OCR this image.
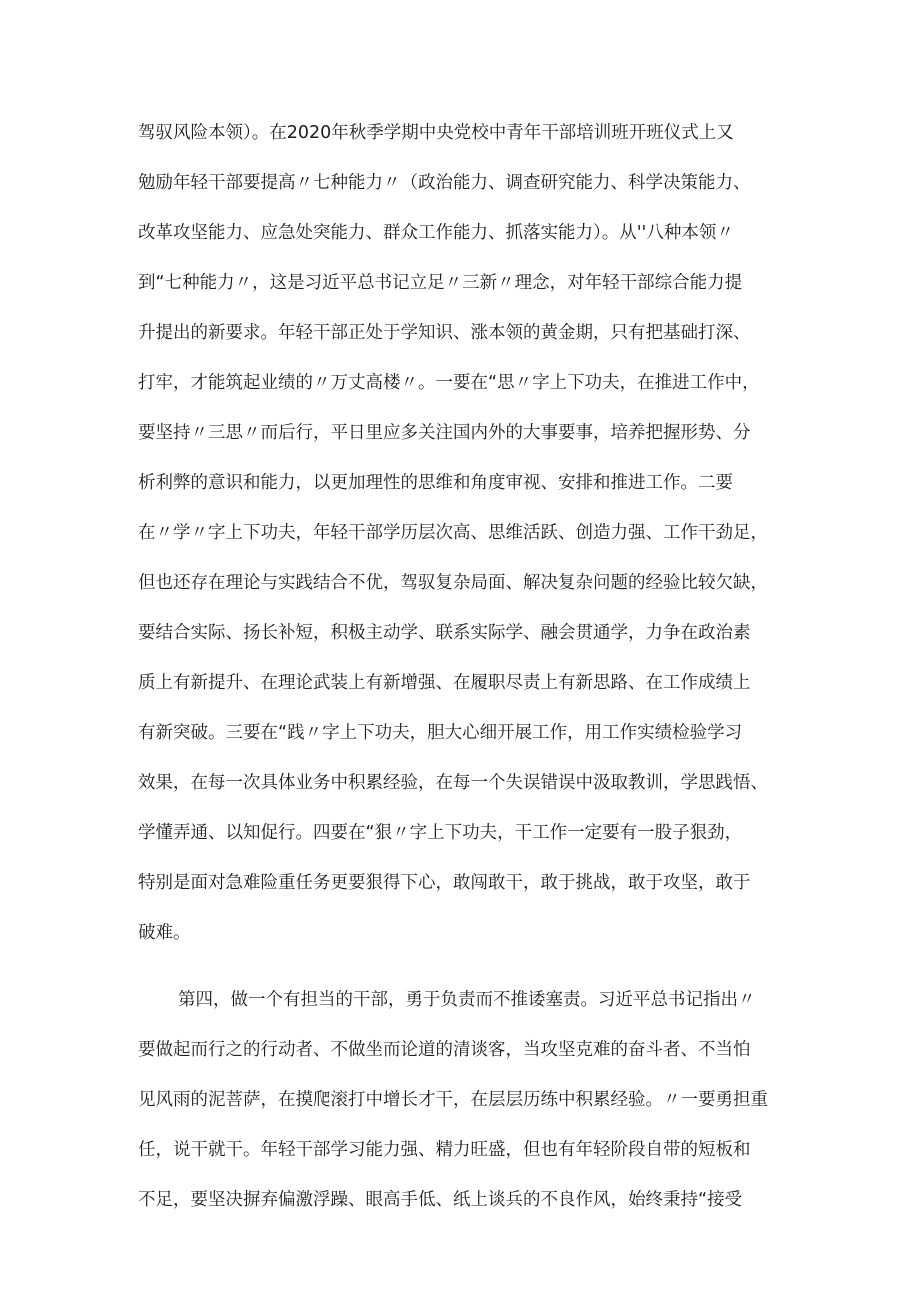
驾驭风险本领）。在2020年秋季学期中央党校中青年干部培训班开班仪式上又
勉励年轻干部要提高〃七种能力〃（政治能力、调查研究能力、科学决策能力、
改革攻坚能力、应急处突能力、群众工作能力、抓落实能力）。从''八种本领〃
到“七种能力〃，这是习近平总书记立足〃三新〃理念，对年轻干部综合能力提
升提出的新要求。年轻干部正处于学知识、涨本领的黄金期，只有把基础打深、
打牢，才能筑起业绩的〃万丈高楼〃。一要在“思〃字上下功夫，在推进工作中，
要坚持〃三思〃而后行，平日里应多关注国内外的大事要事，培养把握形势、分
析利弊的意识和能力，以更加理性的思维和角度审视、安排和推进工作。二要
在〃学〃字上下功夫，年轻干部学历层次高、思维活跃、创造力强、工作干劲足，
但也还存在理论与实践结合不优，驾驭复杂局面、解决复杂问题的经验比较欠缺，
要结合实际、扬长补短，积极主动学、联系实际学、融会贯通学，力争在政治素
质上有新提升、在理论武装上有新增强、在履职尽责上有新思路、在工作成绩上
有新突破。三要在“践〃字上下功夫，胆大心细开展工作，用工作实绩检验学习
效果，在每一次具体业务中积累经验，在每一个失误错误中汲取教训，学思践悟、
学懂弄通、以知促行。四要在“狠〃字上下功夫，干工作一定要有一股子狠劲，
特别是面对急难险重任务更要狠得下心，敢闯敢干，敢于挑战，敢于攻坚，敢于
破难。
第四，做一个有担当的干部，勇于负责而不推诿塞责。习近平总书记指出〃
要做起而行之的行动者、不做坐而论道的清谈客，当攻坚克难的奋斗者、不当怕
见风雨的泥菩萨，在摸爬滚打中增长才干，在层层历练中积累经验。〃一要勇担重
任，说干就干。年轻干部学习能力强、精力旺盛，但也有年轻阶段自带的短板和
不足，要坚决摒弃偏激浮躁、眼高手低、纸上谈兵的不良作风，始终秉持“接受
